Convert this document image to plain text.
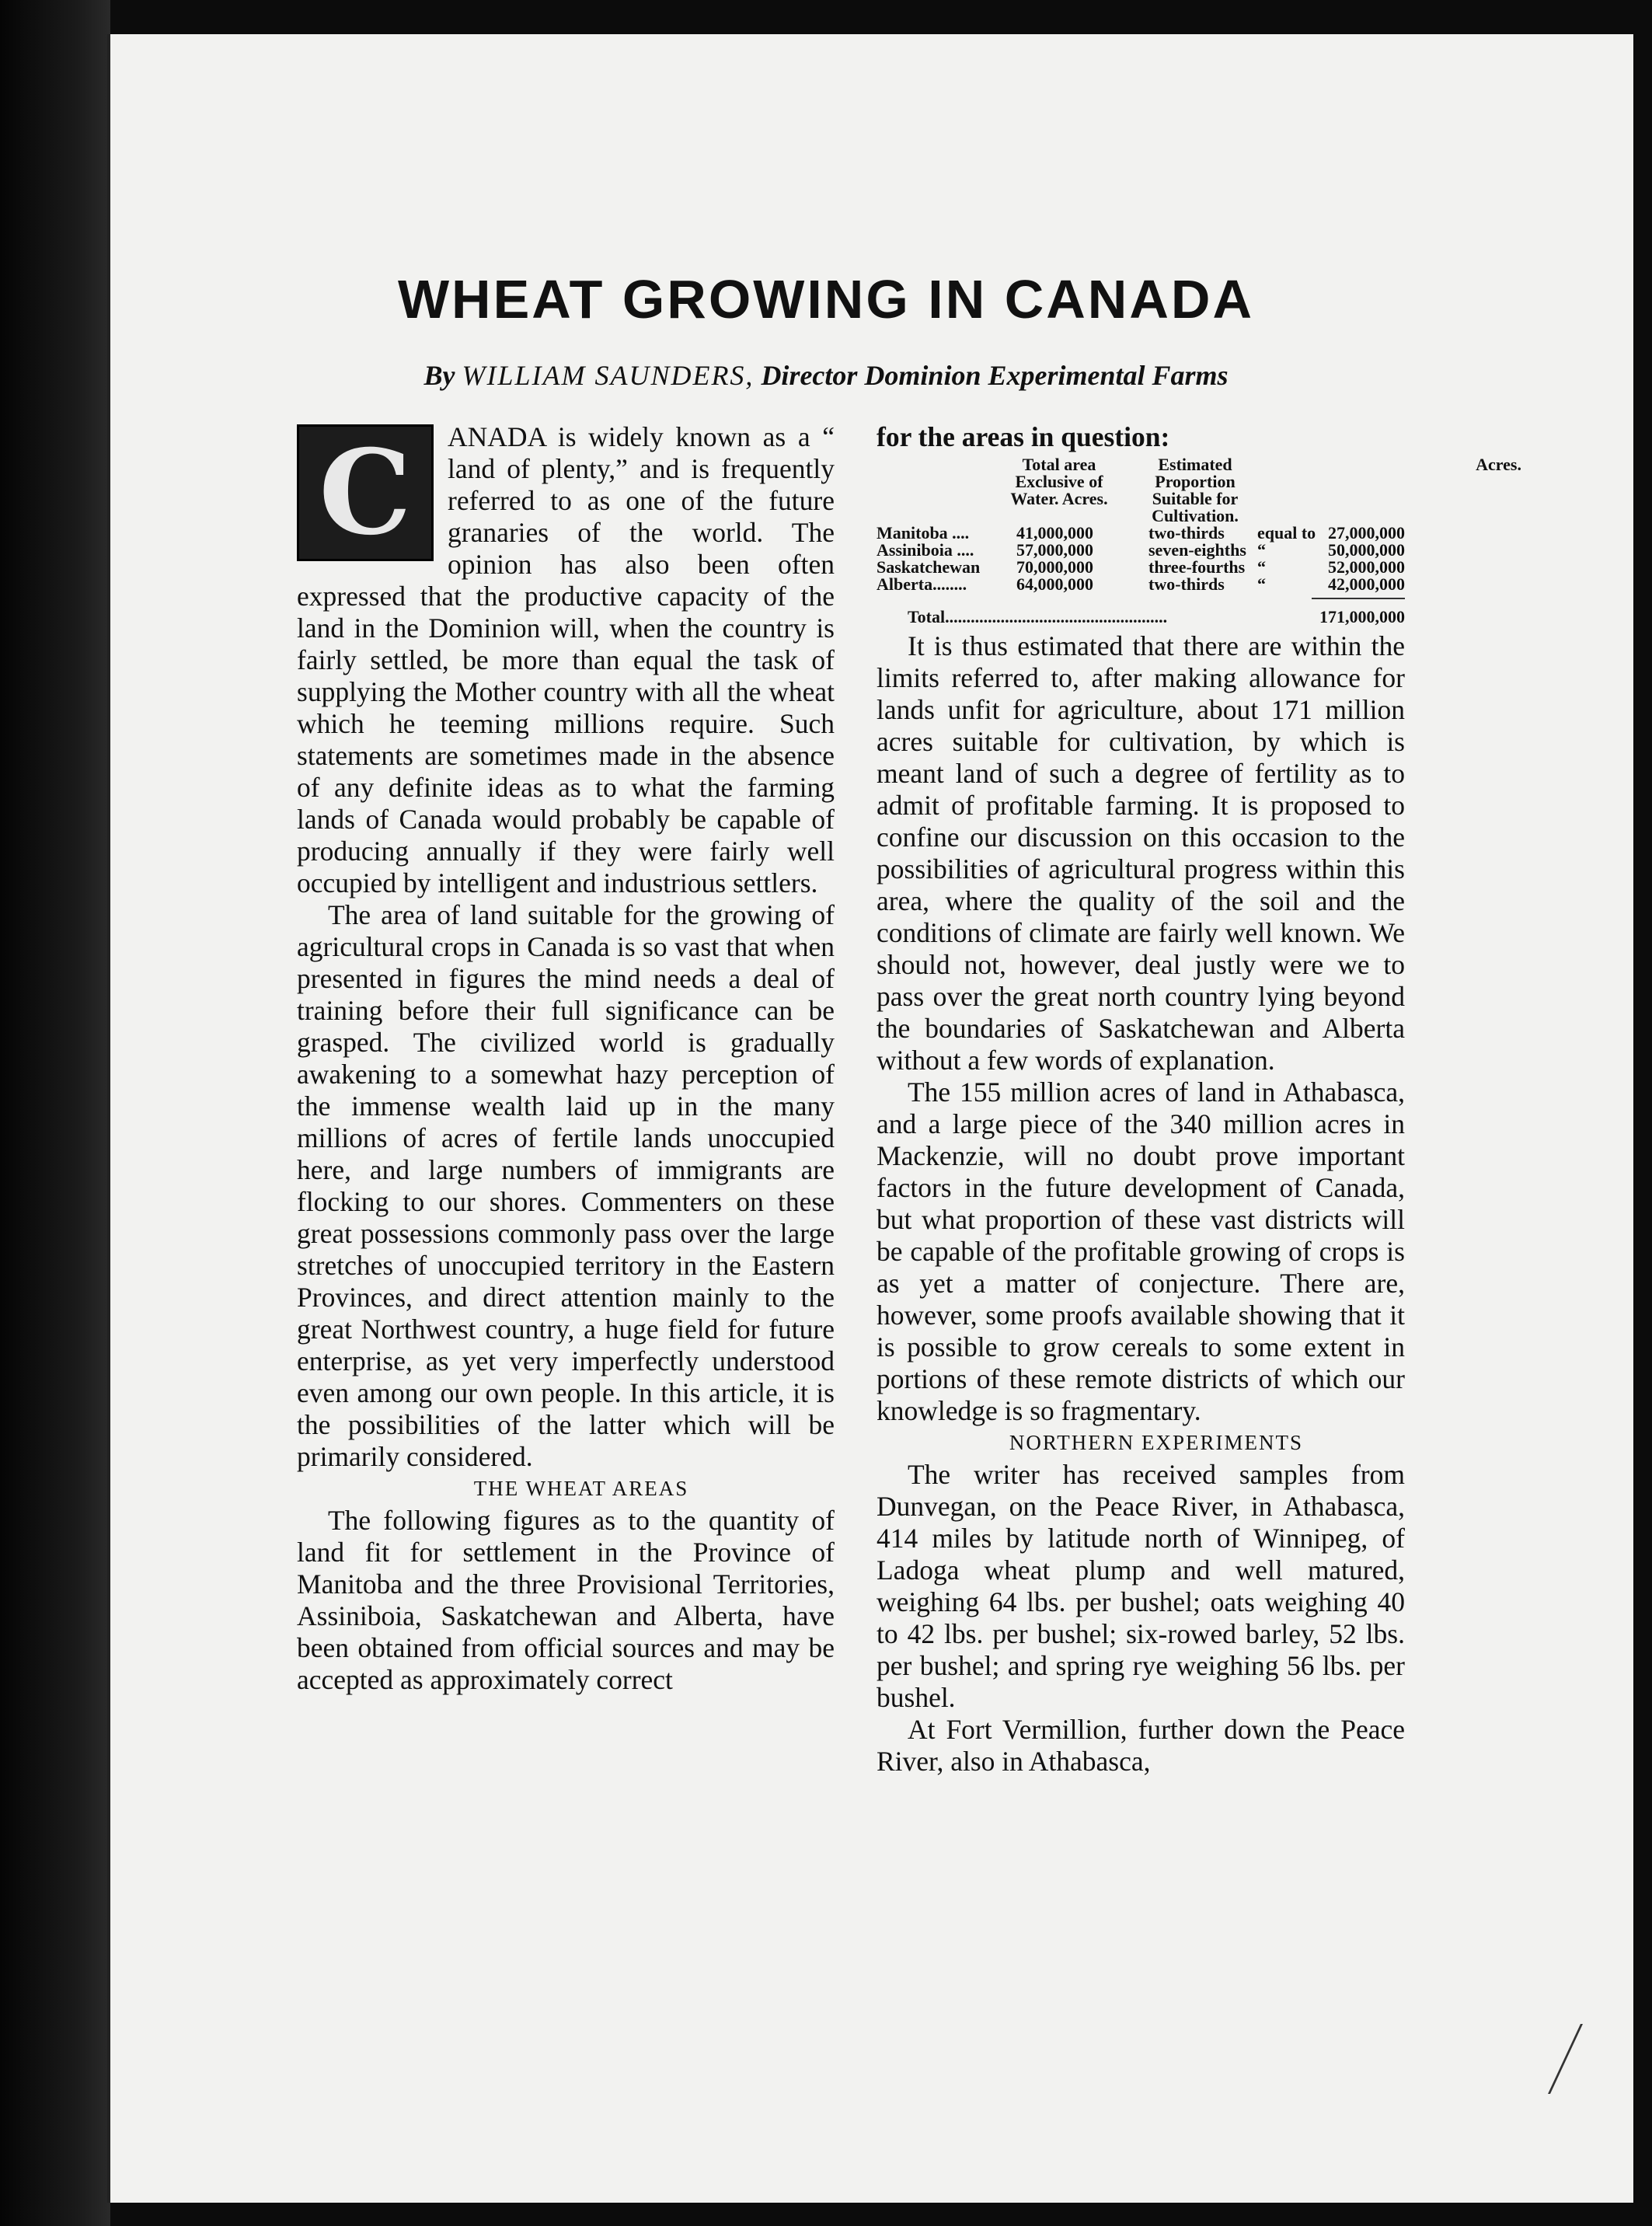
WHEAT GROWING IN CANADA
By WILLIAM SAUNDERS, Director Dominion Experimental Farms
C	ANADA is widely known as a “ land of plenty,” and is frequently referred to as one of the future granaries of the world. The opinion has also been often expressed that the productive capacity of the land in the Dominion will, when the country is fairly settled, be more than equal the task of supplying the Mother country with all the wheat which he teeming millions require. Such statements are sometimes made in the absence of any definite ideas as to what the farming lands of Canada would probably be capable of producing annually if they were fairly well occupied by intelligent and industrious settlers.

The area of land suitable for the growing of agricultural crops in Canada is so vast that when presented in figures the mind needs a deal of training before their full significance can be grasped. The civilized world is gradually awakening to a somewhat hazy perception of the immense wealth laid up in the many millions of acres of fertile lands unoccupied here, and large numbers of immigrants are flocking to our shores. Commenters on these great possessions commonly pass over the large stretches of unoccupied territory in the Eastern Provinces, and direct attention mainly to the great Northwest country, a huge field for future enterprise, as yet very imperfectly understood even among our own people. In this article, it is the possibilities of the latter which will be primarily considered.

THE WHEAT AREAS

The following figures as to the quantity of land fit for settlement in the Province of Manitoba and the three Provisional Territories, Assiniboia, Saskatchewan and Alberta, have been obtained from official sources and may be accepted as approximately correct

for the areas in question:

Total area Exclusive of Water. Acres.
Estimated Proportion Suitable for Cultivation.
Acres.
Manitoba ....	41,000,000	two-thirds	equal to 27,000,000
Assiniboia ....	57,000,000	seven-eighths “	50,000,000
Saskatchewan	70,000,000	three-fourths “	52,000,000
Alberta........	64,000,000	two-thirds	“	42,000,000
Total....................................................	171,000,000

It is thus estimated that there are within the limits referred to, after making allowance for lands unfit for agriculture, about 171 million acres suitable for cultivation, by which is meant land of such a degree of fertility as to admit of profitable farming. It is proposed to confine our discussion on this occasion to the possibilities of agricultural progress within this area, where the quality of the soil and the conditions of climate are fairly well known. We should not, however, deal justly were we to pass over the great north country lying beyond the boundaries of Saskatchewan and Alberta without a few words of explanation.

The 155 million acres of land in Athabasca, and a large piece of the 340 million acres in Mackenzie, will no doubt prove important factors in the future development of Canada, but what proportion of these vast districts will be capable of the profitable growing of crops is as yet a matter of conjecture. There are, however, some proofs available showing that it is possible to grow cereals to some extent in portions of these remote districts of which our knowledge is so fragmentary.

NORTHERN EXPERIMENTS

The writer has received samples from Dunvegan, on the Peace River, in Athabasca, 414 miles by latitude north of Winnipeg, of Ladoga wheat plump and well matured, weighing 64 lbs. per bushel; oats weighing 40 to 42 lbs. per bushel; six-rowed barley, 52 lbs. per bushel; and spring rye weighing 56 lbs. per bushel.

At Fort Vermillion, further down the Peace River, also in Athabasca,
